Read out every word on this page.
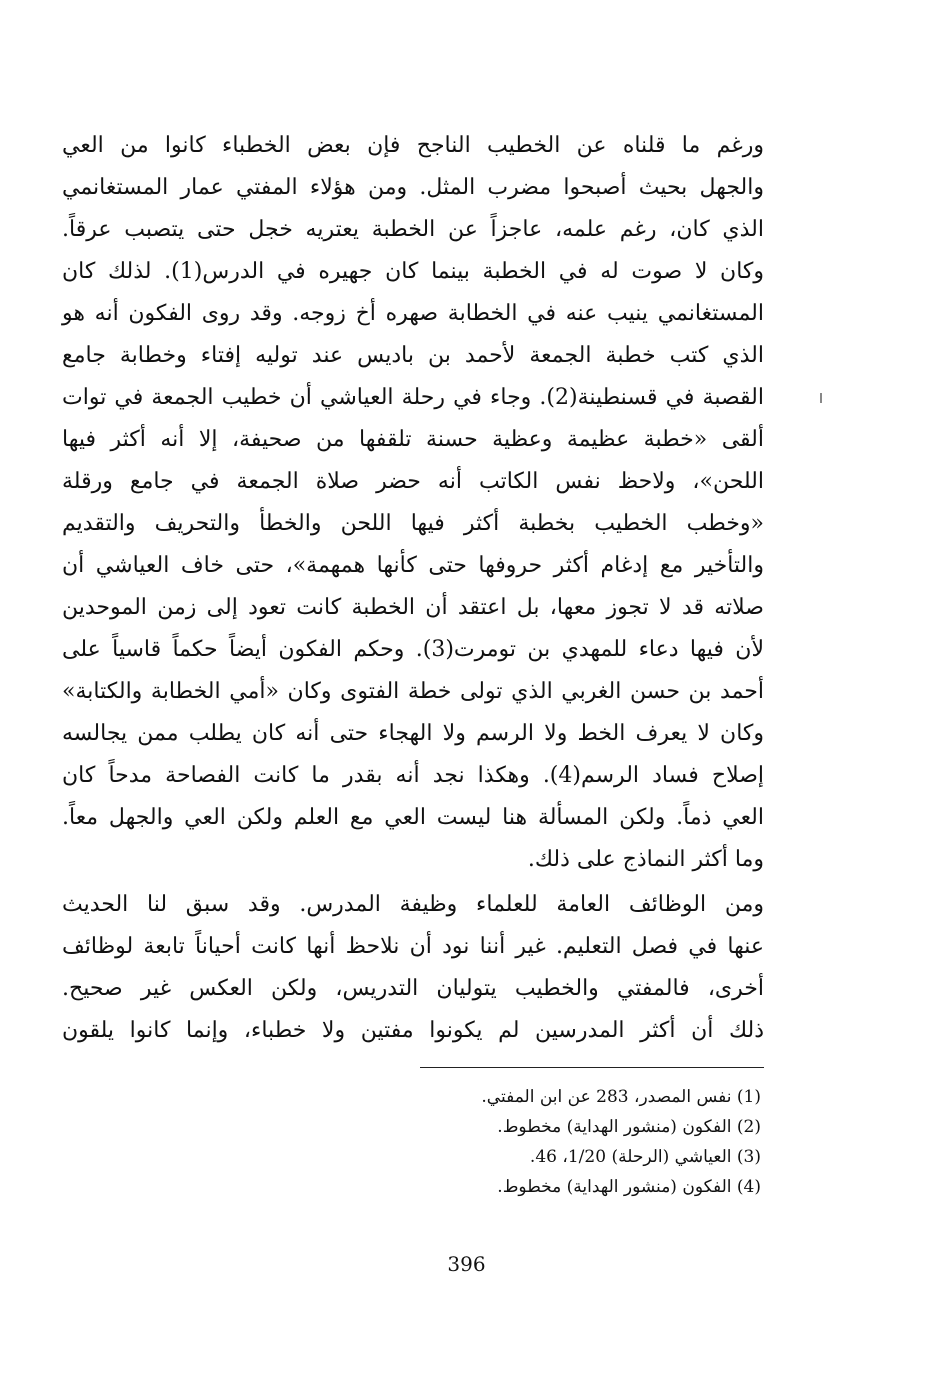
ورغم ما قلناه عن الخطيب الناجح فإن بعض الخطباء كانوا من العي
والجهل بحيث أصبحوا مضرب المثل. ومن هؤلاء المفتي عمار المستغانمي
الذي كان، رغم علمه، عاجزاً عن الخطبة يعتريه خجل حتى يتصبب عرقاً.
وكان لا صوت له في الخطبة بينما كان جهيره في الدرس(1). لذلك كان
المستغانمي ينيب عنه في الخطابة صهره أخ زوجه. وقد روى الفكون أنه هو
الذي كتب خطبة الجمعة لأحمد بن باديس عند توليه إفتاء وخطابة جامع
القصبة في قسنطينة(2). وجاء في رحلة العياشي أن خطيب الجمعة في توات
ألقى «خطبة عظيمة وعظية حسنة تلقفها من صحيفة، إلا أنه أكثر فيها
اللحن»، ولاحظ نفس الكاتب أنه حضر صلاة الجمعة في جامع ورقلة
«وخطب الخطيب بخطبة أكثر فيها اللحن والخطأ والتحريف والتقديم
والتأخير مع إدغام أكثر حروفها حتى كأنها همهمة»، حتى خاف العياشي أن
صلاته قد لا تجوز معها، بل اعتقد أن الخطبة كانت تعود إلى زمن الموحدين
لأن فيها دعاء للمهدي بن تومرت(3). وحكم الفكون أيضاً حكماً قاسياً على
أحمد بن حسن الغربي الذي تولى خطة الفتوى وكان «أمي الخطابة والكتابة»
وكان لا يعرف الخط ولا الرسم ولا الهجاء حتى أنه كان يطلب ممن يجالسه
إصلاح فساد الرسم(4). وهكذا نجد أنه بقدر ما كانت الفصاحة مدحاً كان
العي ذماً. ولكن المسألة هنا ليست العي مع العلم ولكن العي والجهل معاً.
وما أكثر النماذج على ذلك.
ومن الوظائف العامة للعلماء وظيفة المدرس. وقد سبق لنا الحديث
عنها في فصل التعليم. غير أننا نود أن نلاحظ أنها كانت أحياناً تابعة لوظائف
أخرى، فالمفتي والخطيب يتوليان التدريس، ولكن العكس غير صحيح.
ذلك أن أكثر المدرسين لم يكونوا مفتين ولا خطباء، وإنما كانوا يلقون
(1) نفس المصدر، 283 عن ابن المفتي.
(2) الفكون (منشور الهداية) مخطوط.
(3) العياشي (الرحلة) 1/20، 46.
(4) الفكون (منشور الهداية) مخطوط.
396
